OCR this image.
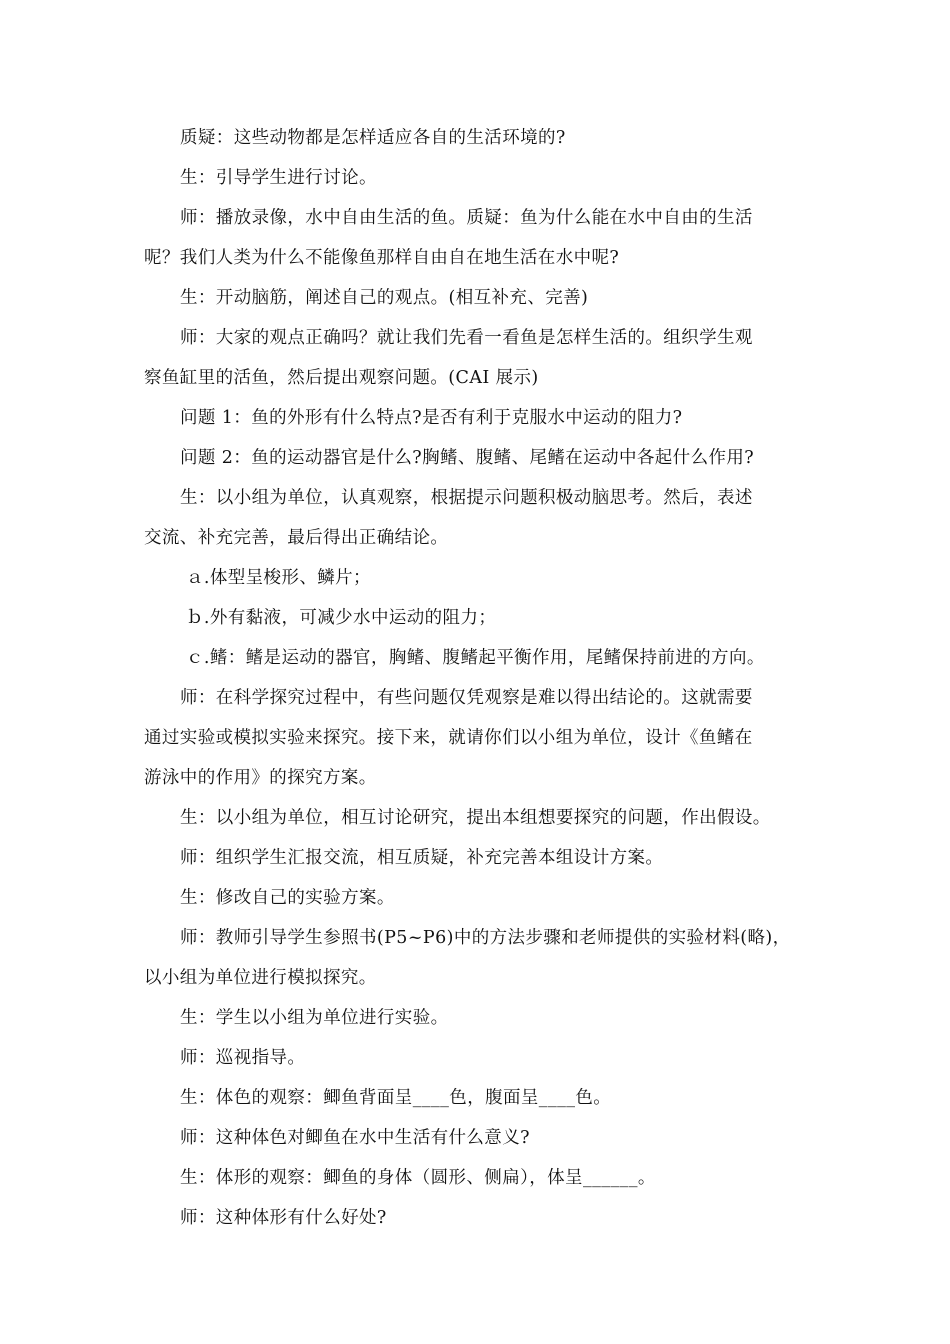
质疑：这些动物都是怎样适应各自的生活环境的?

生：引导学生进行讨论。

师：播放录像，水中自由生活的鱼。质疑：鱼为什么能在水中自由的生活

呢？我们人类为什么不能像鱼那样自由自在地生活在水中呢?

生：开动脑筋，阐述自己的观点。(相互补充、完善)

师：大家的观点正确吗？就让我们先看一看鱼是怎样生活的。组织学生观

察鱼缸里的活鱼，然后提出观察问题。(CAI 展示)

问题 1：鱼的外形有什么特点?是否有利于克服水中运动的阻力?

问题 2：鱼的运动器官是什么?胸鳍、腹鳍、尾鳍在运动中各起什么作用?

生：以小组为单位，认真观察，根据提示问题积极动脑思考。然后，表述

交流、补充完善，最后得出正确结论。

ａ.体型呈梭形、鳞片；

ｂ.外有黏液，可减少水中运动的阻力；

ｃ.鳍：鳍是运动的器官，胸鳍、腹鳍起平衡作用，尾鳍保持前进的方向。

师：在科学探究过程中，有些问题仅凭观察是难以得出结论的。这就需要

通过实验或模拟实验来探究。接下来，就请你们以小组为单位，设计《鱼鳍在

游泳中的作用》的探究方案。

生：以小组为单位，相互讨论研究，提出本组想要探究的问题，作出假设。

师：组织学生汇报交流，相互质疑，补充完善本组设计方案。

生：修改自己的实验方案。

师：教师引导学生参照书(P5~P6)中的方法步骤和老师提供的实验材料(略)，

以小组为单位进行模拟探究。

生：学生以小组为单位进行实验。

师：巡视指导。

生：体色的观察：鲫鱼背面呈____色，腹面呈____色。

师：这种体色对鲫鱼在水中生活有什么意义?

生：体形的观察：鲫鱼的身体（圆形、侧扁），体呈______。

师：这种体形有什么好处?
